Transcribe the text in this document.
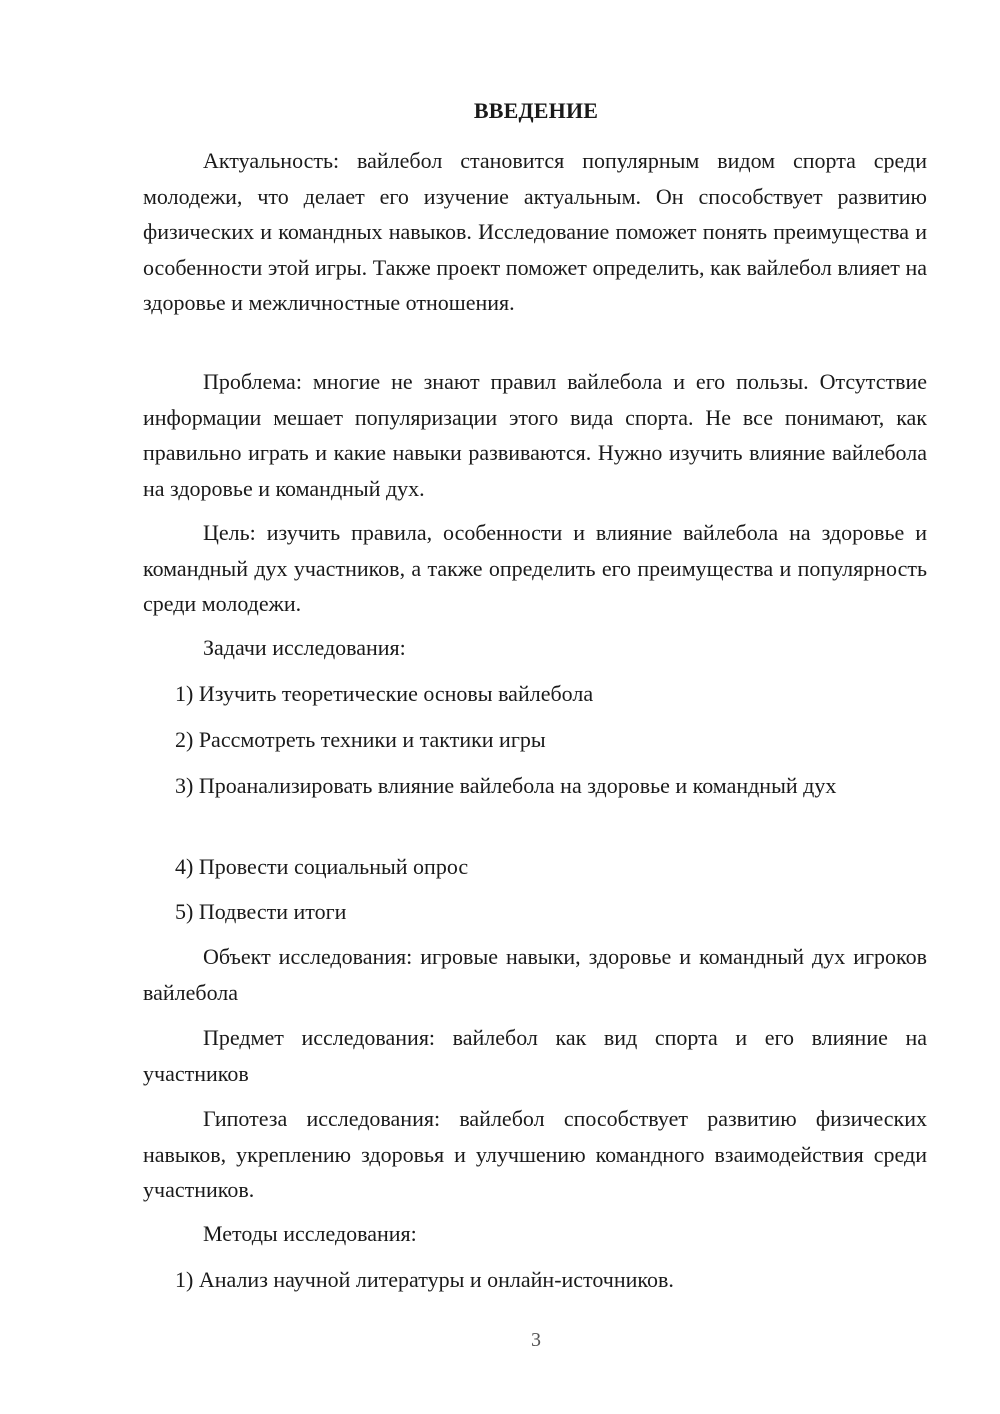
ВВЕДЕНИЕ
Актуальность: вайлебол становится популярным видом спорта среди молодежи, что делает его изучение актуальным. Он способствует развитию физических и командных навыков. Исследование поможет понять преимущества и особенности этой игры. Также проект поможет определить, как вайлебол влияет на здоровье и межличностные отношения.
Проблема: многие не знают правил вайлебола и его пользы. Отсутствие информации мешает популяризации этого вида спорта. Не все понимают, как правильно играть и какие навыки развиваются. Нужно изучить влияние вайлебола на здоровье и командный дух.
Цель: изучить правила, особенности и влияние вайлебола на здоровье и командный дух участников, а также определить его преимущества и популярность среди молодежи.
Задачи исследования:
1) Изучить теоретические основы вайлебола
2) Рассмотреть техники и тактики игры
3) Проанализировать влияние вайлебола на здоровье и командный дух
4) Провести социальный опрос
5) Подвести итоги
Объект исследования: игровые навыки, здоровье и командный дух игроков вайлебола
Предмет исследования: вайлебол как вид спорта и его влияние на участников
Гипотеза исследования: вайлебол способствует развитию физических навыков, укреплению здоровья и улучшению командного взаимодействия среди участников.
Методы исследования:
1) Анализ научной литературы и онлайн-источников.
3
